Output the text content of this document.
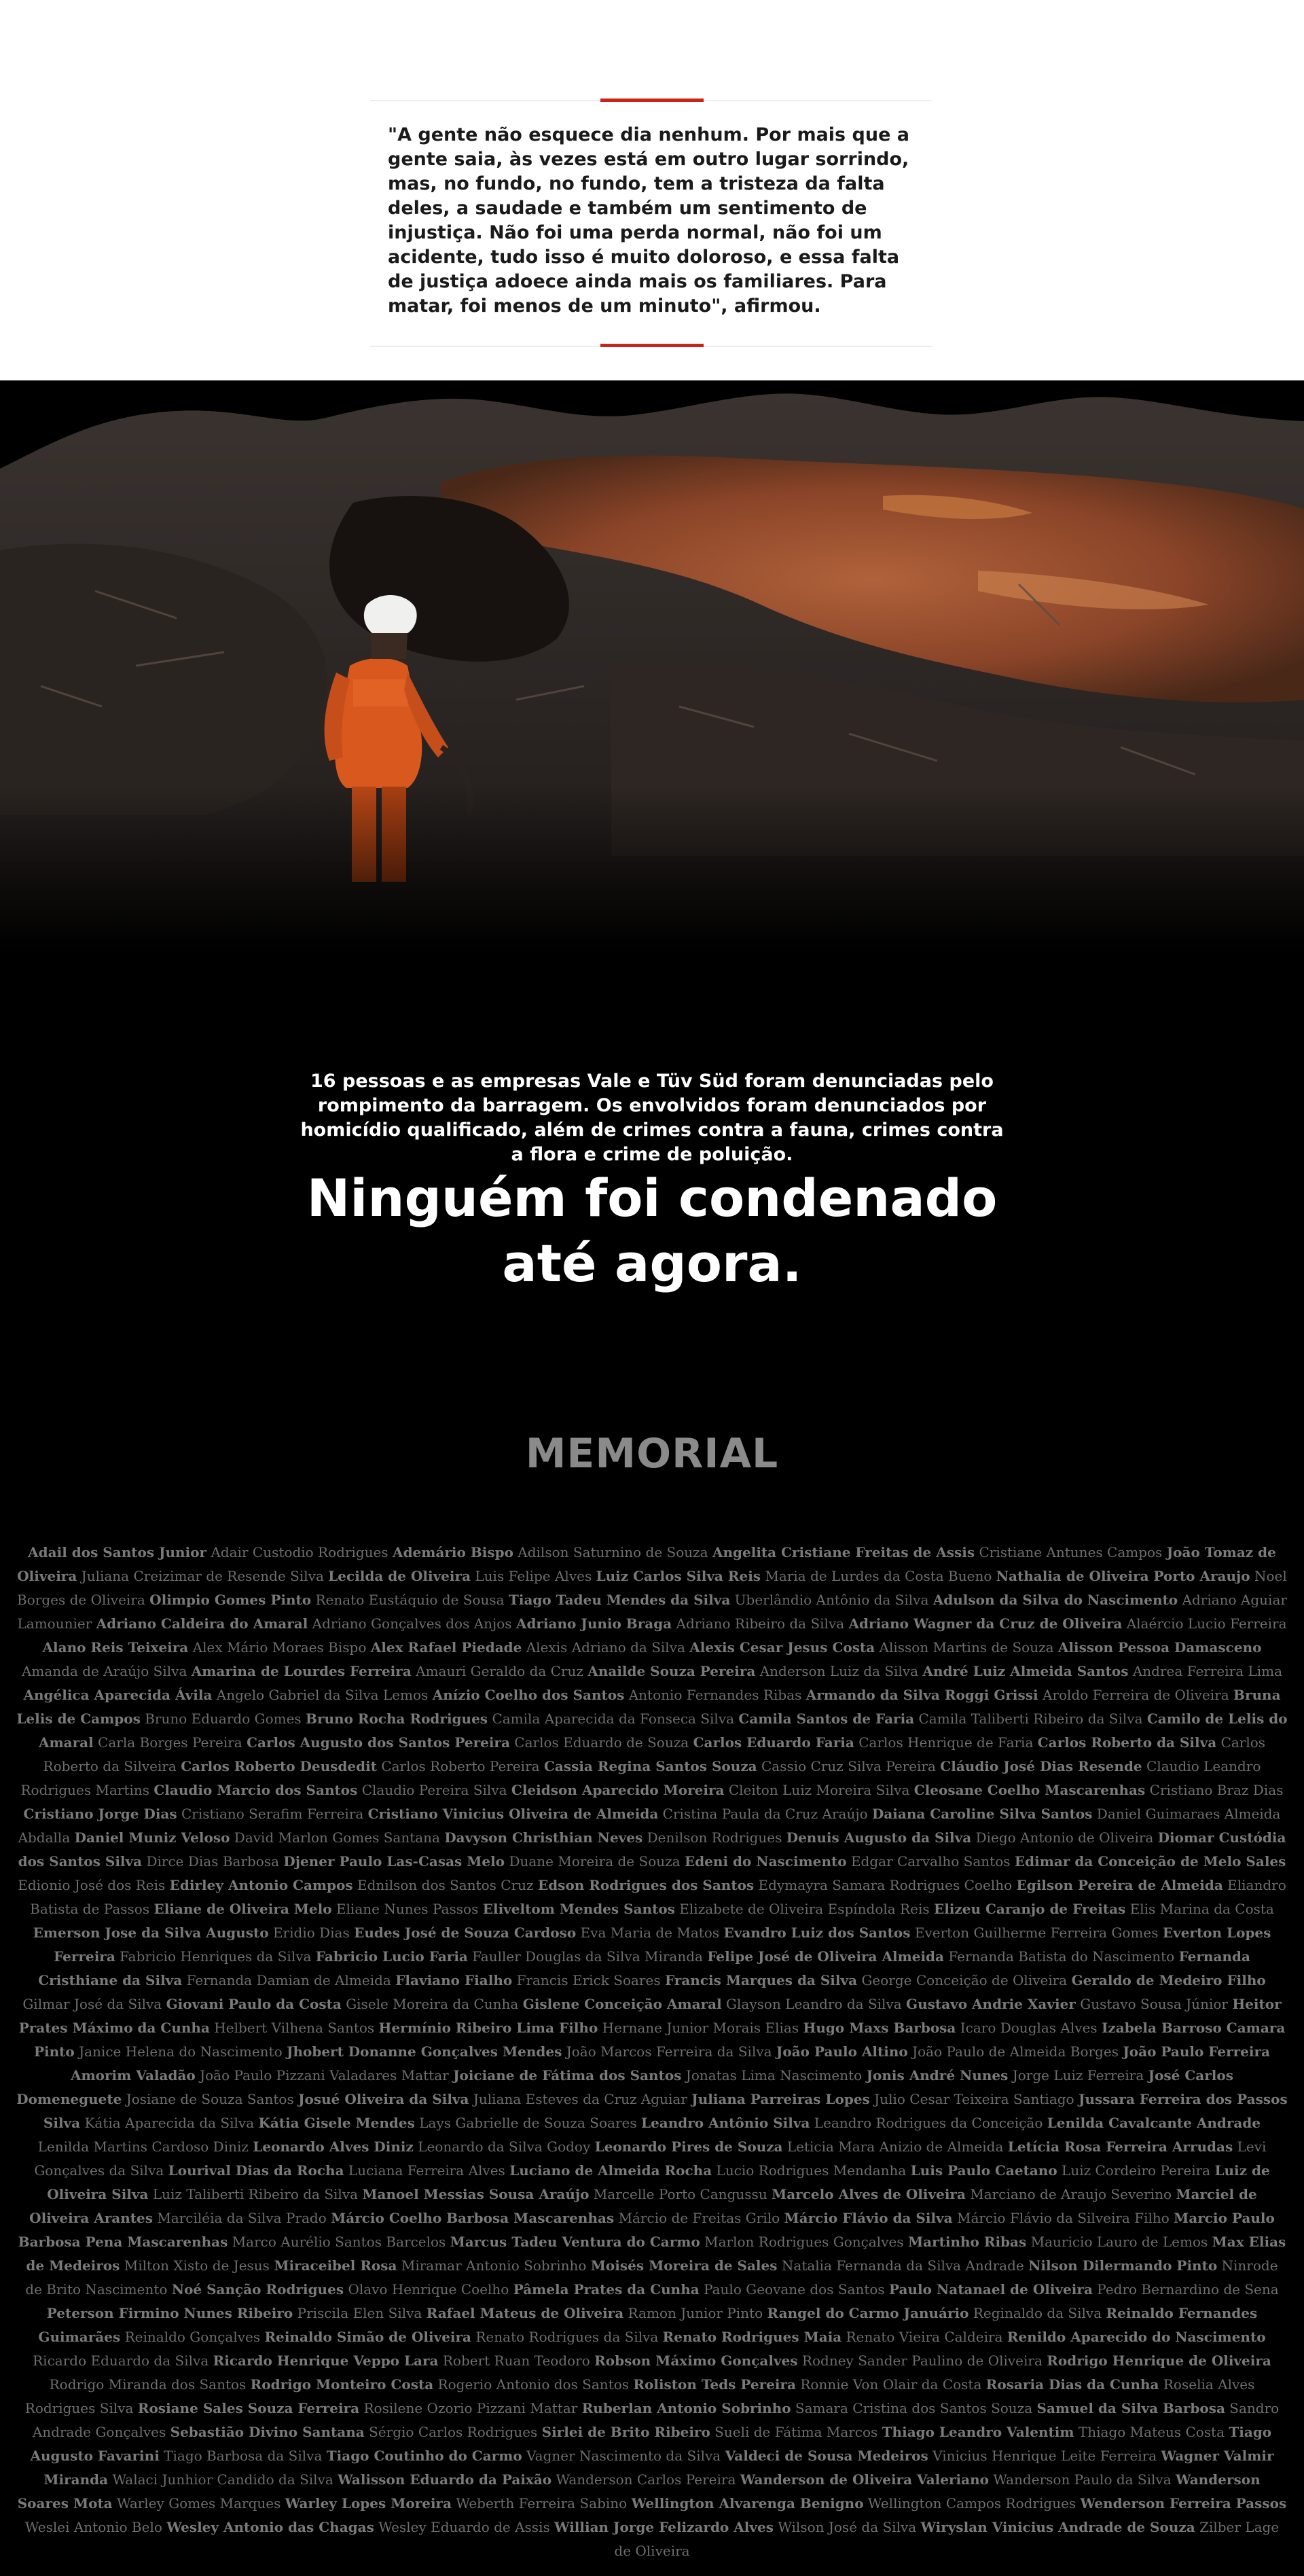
"A gente não esquece dia nenhum. Por mais que a gente saia, às vezes está em outro lugar sorrindo, mas, no fundo, no fundo, tem a tristeza da falta deles, a saudade e também um sentimento de injustiça. Não foi uma perda normal, não foi um acidente, tudo isso é muito doloroso, e essa falta de justiça adoece ainda mais os familiares. Para matar, foi menos de um minuto", afirmou.

16 pessoas e as empresas Vale e Tüv Süd foram denunciadas pelo rompimento da barragem. Os envolvidos foram denunciados por homicídio qualificado, além de crimes contra a fauna, crimes contra a flora e crime de poluição.

Ninguém foi condenado
até agora.
MEMORIAL
Adail dos Santos Junior Adair Custodio Rodrigues Ademário Bispo Adilson Saturnino de Souza Angelita Cristiane Freitas de Assis Cristiane Antunes Campos João Tomaz de Oliveira Juliana Creizimar de Resende Silva Lecilda de Oliveira Luis Felipe Alves Luiz Carlos Silva Reis Maria de Lurdes da Costa Bueno Nathalia de Oliveira Porto Araujo Noel Borges de Oliveira Olimpio Gomes Pinto Renato Eustáquio de Sousa Tiago Tadeu Mendes da Silva Uberlândio Antônio da Silva Adulson da Silva do Nascimento Adriano Aguiar Lamounier Adriano Caldeira do Amaral Adriano Gonçalves dos Anjos Adriano Junio Braga Adriano Ribeiro da Silva Adriano Wagner da Cruz de Oliveira Alaércio Lucio Ferreira Alano Reis Teixeira Alex Mário Moraes Bispo Alex Rafael Piedade Alexis Adriano da Silva Alexis Cesar Jesus Costa Alisson Martins de Souza Alisson Pessoa Damasceno Amanda de Araújo Silva Amarina de Lourdes Ferreira Amauri Geraldo da Cruz Anailde Souza Pereira Anderson Luiz da Silva André Luiz Almeida Santos Andrea Ferreira Lima Angélica Aparecida Ávila Angelo Gabriel da Silva Lemos Anízio Coelho dos Santos Antonio Fernandes Ribas Armando da Silva Roggi Grissi Aroldo Ferreira de Oliveira Bruna Lelis de Campos Bruno Eduardo Gomes Bruno Rocha Rodrigues Camila Aparecida da Fonseca Silva Camila Santos de Faria Camila Taliberti Ribeiro da Silva Camilo de Lelis do Amaral Carla Borges Pereira Carlos Augusto dos Santos Pereira Carlos Eduardo de Souza Carlos Eduardo Faria Carlos Henrique de Faria Carlos Roberto da Silva Carlos Roberto da Silveira Carlos Roberto Deusdedit Carlos Roberto Pereira Cassia Regina Santos Souza Cassio Cruz Silva Pereira Cláudio José Dias Resende Claudio Leandro Rodrigues Martins Claudio Marcio dos Santos Claudio Pereira Silva Cleidson Aparecido Moreira Cleiton Luiz Moreira Silva Cleosane Coelho Mascarenhas Cristiano Braz Dias Cristiano Jorge Dias Cristiano Serafim Ferreira Cristiano Vinicius Oliveira de Almeida Cristina Paula da Cruz Araújo Daiana Caroline Silva Santos Daniel Guimaraes Almeida Abdalla Daniel Muniz Veloso David Marlon Gomes Santana Davyson Christhian Neves Denilson Rodrigues Denuis Augusto da Silva Diego Antonio de Oliveira Diomar Custódia dos Santos Silva Dirce Dias Barbosa Djener Paulo Las-Casas Melo Duane Moreira de Souza Edeni do Nascimento Edgar Carvalho Santos Edimar da Conceição de Melo Sales Edionio José dos Reis Edirley Antonio Campos Ednilson dos Santos Cruz Edson Rodrigues dos Santos Edymayra Samara Rodrigues Coelho Egilson Pereira de Almeida Eliandro Batista de Passos Eliane de Oliveira Melo Eliane Nunes Passos Eliveltom Mendes Santos Elizabete de Oliveira Espíndola Reis Elizeu Caranjo de Freitas Elis Marina da Costa Emerson Jose da Silva Augusto Eridio Dias Eudes José de Souza Cardoso Eva Maria de Matos Evandro Luiz dos Santos Everton Guilherme Ferreira Gomes Everton Lopes Ferreira Fabricio Henriques da Silva Fabricio Lucio Faria Fauller Douglas da Silva Miranda Felipe José de Oliveira Almeida Fernanda Batista do Nascimento Fernanda Cristhiane da Silva Fernanda Damian de Almeida Flaviano Fialho Francis Erick Soares Francis Marques da Silva George Conceição de Oliveira Geraldo de Medeiro Filho Gilmar José da Silva Giovani Paulo da Costa Gisele Moreira da Cunha Gislene Conceição Amaral Glayson Leandro da Silva Gustavo Andrie Xavier Gustavo Sousa Júnior Heitor Prates Máximo da Cunha Helbert Vilhena Santos Hermínio Ribeiro Lima Filho Hernane Junior Morais Elias Hugo Maxs Barbosa Icaro Douglas Alves Izabela Barroso Camara Pinto Janice Helena do Nascimento Jhobert Donanne Gonçalves Mendes João Marcos Ferreira da Silva João Paulo Altino João Paulo de Almeida Borges João Paulo Ferreira Amorim Valadão João Paulo Pizzani Valadares Mattar Joiciane de Fátima dos Santos Jonatas Lima Nascimento Jonis André Nunes Jorge Luiz Ferreira José Carlos Domeneguete Josiane de Souza Santos Josué Oliveira da Silva Juliana Esteves da Cruz Aguiar Juliana Parreiras Lopes Julio Cesar Teixeira Santiago Jussara Ferreira dos Passos Silva Kátia Aparecida da Silva Kátia Gisele Mendes Lays Gabrielle de Souza Soares Leandro Antônio Silva Leandro Rodrigues da Conceição Lenilda Cavalcante Andrade Lenilda Martins Cardoso Diniz Leonardo Alves Diniz Leonardo da Silva Godoy Leonardo Pires de Souza Leticia Mara Anizio de Almeida Letícia Rosa Ferreira Arrudas Levi Gonçalves da Silva Lourival Dias da Rocha Luciana Ferreira Alves Luciano de Almeida Rocha Lucio Rodrigues Mendanha Luis Paulo Caetano Luiz Cordeiro Pereira Luiz de Oliveira Silva Luiz Taliberti Ribeiro da Silva Manoel Messias Sousa Araújo Marcelle Porto Cangussu Marcelo Alves de Oliveira Marciano de Araujo Severino Marciel de Oliveira Arantes Marciléia da Silva Prado Márcio Coelho Barbosa Mascarenhas Márcio de Freitas Grilo Márcio Flávio da Silva Márcio Flávio da Silveira Filho Marcio Paulo Barbosa Pena Mascarenhas Marco Aurélio Santos Barcelos Marcus Tadeu Ventura do Carmo Marlon Rodrigues Gonçalves Martinho Ribas Mauricio Lauro de Lemos Max Elias de Medeiros Milton Xisto de Jesus Miraceibel Rosa Miramar Antonio Sobrinho Moisés Moreira de Sales Natalia Fernanda da Silva Andrade Nilson Dilermando Pinto Ninrode de Brito Nascimento Noé Sanção Rodrigues Olavo Henrique Coelho Pâmela Prates da Cunha Paulo Geovane dos Santos Paulo Natanael de Oliveira Pedro Bernardino de Sena Peterson Firmino Nunes Ribeiro Priscila Elen Silva Rafael Mateus de Oliveira Ramon Junior Pinto Rangel do Carmo Januário Reginaldo da Silva Reinaldo Fernandes Guimarães Reinaldo Gonçalves Reinaldo Simão de Oliveira Renato Rodrigues da Silva Renato Rodrigues Maia Renato Vieira Caldeira Renildo Aparecido do Nascimento Ricardo Eduardo da Silva Ricardo Henrique Veppo Lara Robert Ruan Teodoro Robson Máximo Gonçalves Rodney Sander Paulino de Oliveira Rodrigo Henrique de Oliveira Rodrigo Miranda dos Santos Rodrigo Monteiro Costa Rogerio Antonio dos Santos Roliston Teds Pereira Ronnie Von Olair da Costa Rosaria Dias da Cunha Roselia Alves Rodrigues Silva Rosiane Sales Souza Ferreira Rosilene Ozorio Pizzani Mattar Ruberlan Antonio Sobrinho Samara Cristina dos Santos Souza Samuel da Silva Barbosa Sandro Andrade Gonçalves Sebastião Divino Santana Sérgio Carlos Rodrigues Sirlei de Brito Ribeiro Sueli de Fátima Marcos Thiago Leandro Valentim Thiago Mateus Costa Tiago Augusto Favarini Tiago Barbosa da Silva Tiago Coutinho do Carmo Vagner Nascimento da Silva Valdeci de Sousa Medeiros Vinicius Henrique Leite Ferreira Wagner Valmir Miranda Walaci Junhior Candido da Silva Walisson Eduardo da Paixão Wanderson Carlos Pereira Wanderson de Oliveira Valeriano Wanderson Paulo da Silva Wanderson Soares Mota Warley Gomes Marques Warley Lopes Moreira Weberth Ferreira Sabino Wellington Alvarenga Benigno Wellington Campos Rodrigues Wenderson Ferreira Passos Weslei Antonio Belo Wesley Antonio das Chagas Wesley Eduardo de Assis Willian Jorge Felizardo Alves Wilson José da Silva Wiryslan Vinicius Andrade de Souza Zilber Lage de Oliveira
